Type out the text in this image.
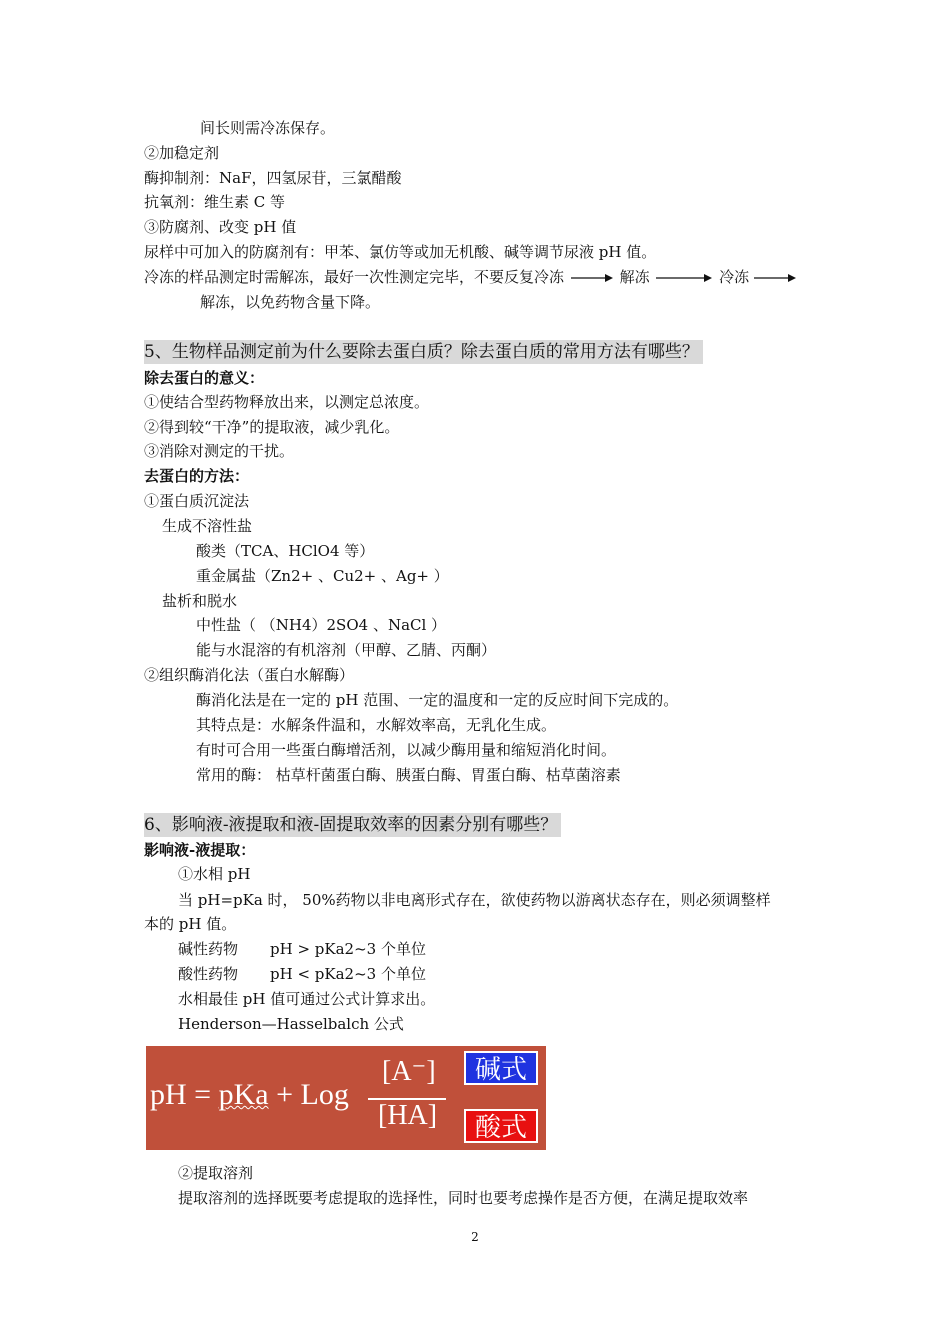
间长则需冷冻保存。
②加稳定剂
酶抑制剂：NaF，四氢尿苷，三氯醋酸
抗氧剂：维生素 C 等
③防腐剂、改变 pH 值
尿样中可加入的防腐剂有：甲苯、氯仿等或加无机酸、碱等调节尿液 pH 值。
冷冻的样品测定时需解冻，最好一次性测定完毕，不要反复冷冻	解冻	冷冻
解冻，以免药物含量下降。
5、生物样品测定前为什么要除去蛋白质？除去蛋白质的常用方法有哪些？
除去蛋白的意义：
①使结合型药物释放出来，以测定总浓度。
②得到较“干净”的提取液，减少乳化。
③消除对测定的干扰。
去蛋白的方法：
①蛋白质沉淀法
生成不溶性盐
酸类（TCA、HClO4 等）
重金属盐（Zn2+ 、Cu2+ 、Ag+ ）
盐析和脱水
中性盐（ （NH4）2SO4 、NaCl ）
能与水混溶的有机溶剂（甲醇、乙腈、丙酮）
②组织酶消化法（蛋白水解酶）
酶消化法是在一定的 pH 范围、一定的温度和一定的反应时间下完成的。
其特点是：水解条件温和，水解效率高，无乳化生成。
有时可合用一些蛋白酶增活剂，以减少酶用量和缩短消化时间。
常用的酶： 枯草杆菌蛋白酶、胰蛋白酶、胃蛋白酶、枯草菌溶素
6、影响液-液提取和液-固提取效率的因素分别有哪些？
影响液-液提取：
①水相 pH
当 pH=pKa 时， 50%药物以非电离形式存在，欲使药物以游离状态存在，则必须调整样
本的 pH 值。
碱性药物 pH > pKa2~3 个单位
酸性药物 pH < pKa2~3 个单位
水相最佳 pH 值可通过公式计算求出。
Henderson—Hasselbalch 公式
pH = pKa + Log
[A⁻]
[HA]
碱式
酸式
②提取溶剂
提取溶剂的选择既要考虑提取的选择性，同时也要考虑操作是否方便，在满足提取效率
2
